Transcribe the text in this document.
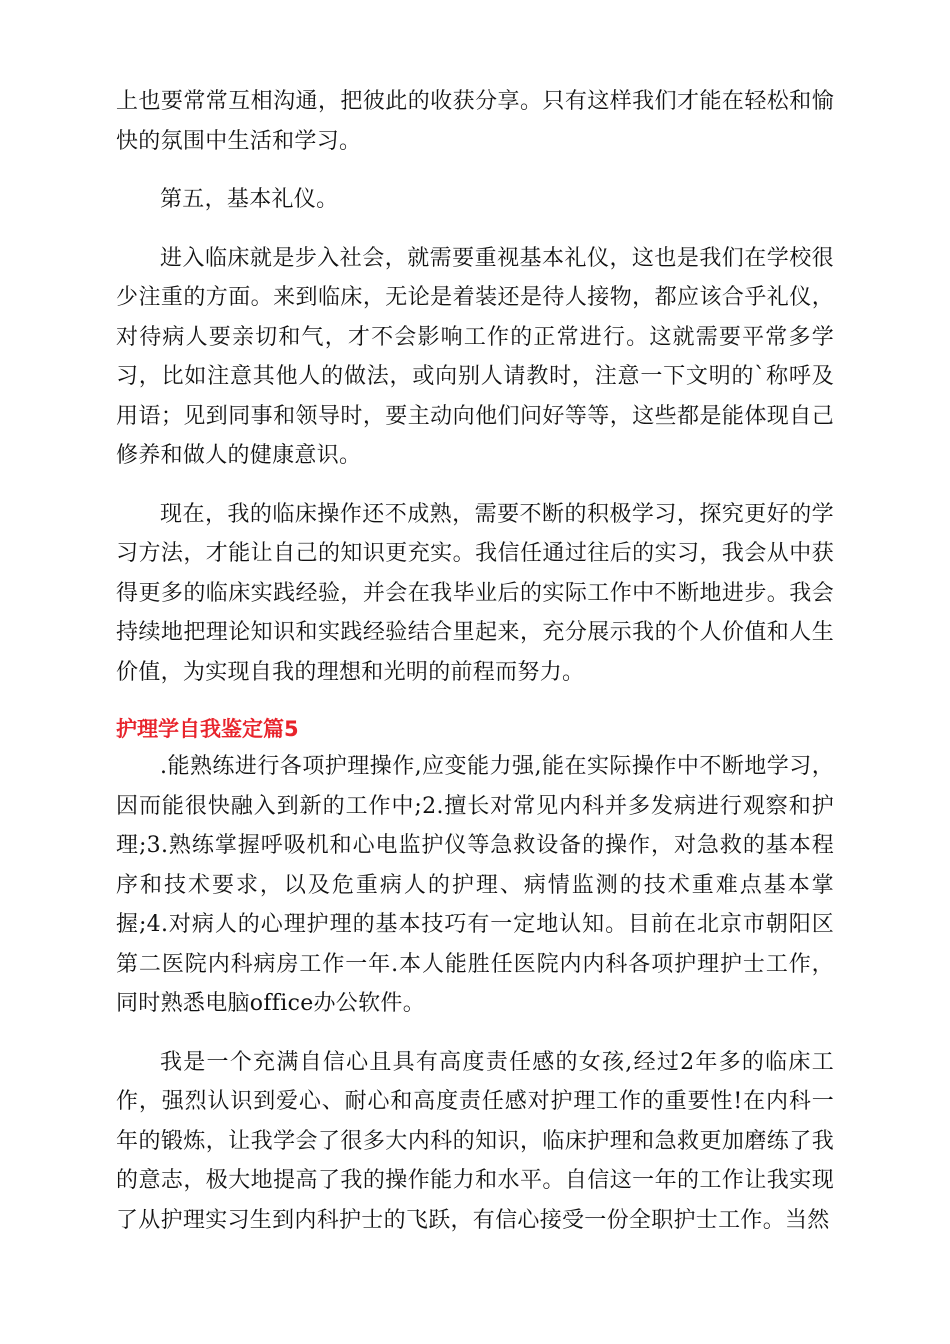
上也要常常互相沟通，把彼此的收获分享。只有这样我们才能在轻松和愉快的氛围中生活和学习。

第五，基本礼仪。

进入临床就是步入社会，就需要重视基本礼仪，这也是我们在学校很少注重的方面。来到临床，无论是着装还是待人接物，都应该合乎礼仪，对待病人要亲切和气，才不会影响工作的正常进行。这就需要平常多学习，比如注意其他人的做法，或向别人请教时，注意一下文明的`称呼及用语；见到同事和领导时，要主动向他们问好等等，这些都是能体现自己修养和做人的健康意识。

现在，我的临床操作还不成熟，需要不断的积极学习，探究更好的学习方法，才能让自己的知识更充实。我信任通过往后的实习，我会从中获得更多的临床实践经验，并会在我毕业后的实际工作中不断地进步。我会持续地把理论知识和实践经验结合里起来，充分展示我的个人价值和人生价值，为实现自我的理想和光明的前程而努力。

护理学自我鉴定篇5

.能熟练进行各项护理操作,应变能力强,能在实际操作中不断地学习，因而能很快融入到新的工作中;2.擅长对常见内科并多发病进行观察和护理;3.熟练掌握呼吸机和心电监护仪等急救设备的操作，对急救的基本程序和技术要求，以及危重病人的护理、病情监测的技术重难点基本掌握;4.对病人的心理护理的基本技巧有一定地认知。目前在北京市朝阳区第二医院内科病房工作一年.本人能胜任医院内内科各项护理护士工作，同时熟悉电脑office办公软件。

我是一个充满自信心且具有高度责任感的女孩,经过2年多的临床工作，强烈认识到爱心、耐心和高度责任感对护理工作的重要性!在内科一年的锻炼，让我学会了很多大内科的知识，临床护理和急救更加磨练了我的意志，极大地提高了我的操作能力和水平。自信这一年的工作让我实现了从护理实习生到内科护士的飞跃，有信心接受一份全职护士工作。当然
